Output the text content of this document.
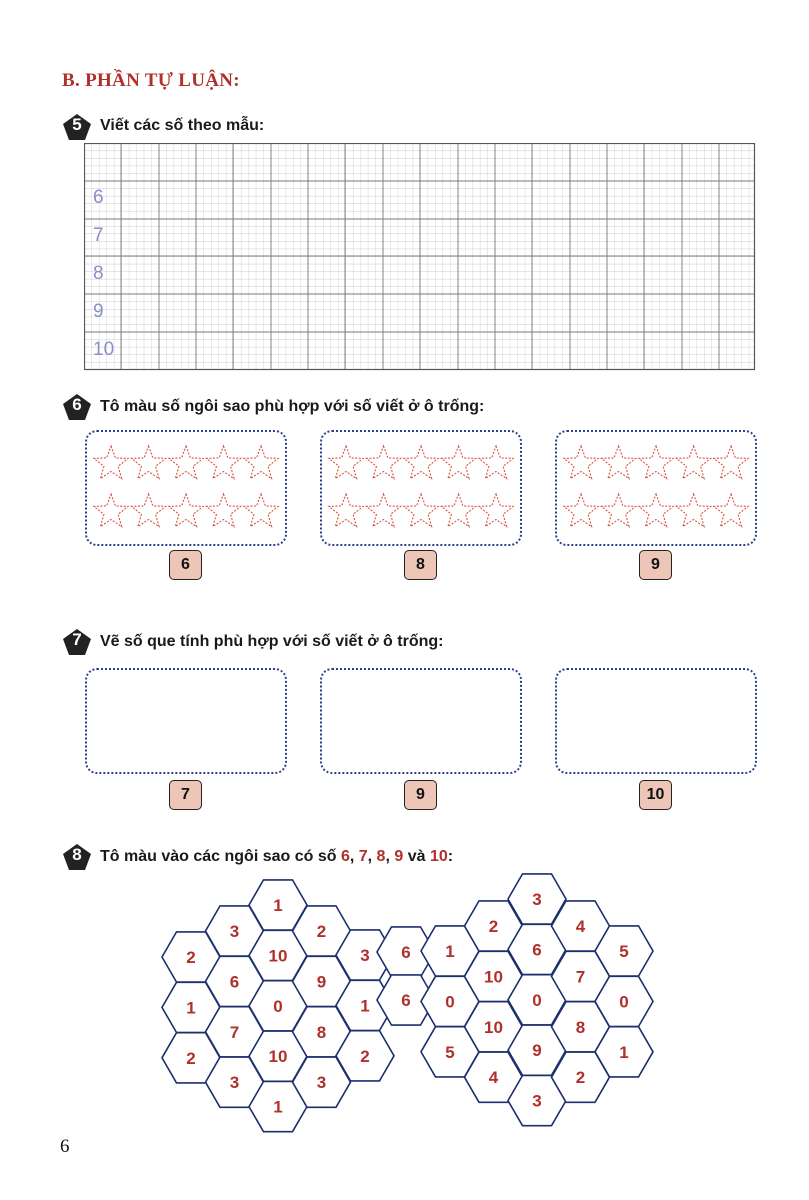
B. PHẦN TỰ LUẬN:
5	Viết các số theo mẫu:
6
7
8
9
10
6	Tô màu số ngôi sao phù hợp với số viết ở ô trống:
6	8	9
7	Vẽ số que tính phù hợp với số viết ở ô trống:
7	9	10
8	Tô màu vào các ngôi sao có số 6, 7, 8, 9 và 10:
2
1
2
3
6
7
3
1
10
0
10
1
2
9
8
3
3
1
2
6
6
1
0
5
2
10
10
4
3
6
0
9
3
4
7
8
2
5
0
1
6
